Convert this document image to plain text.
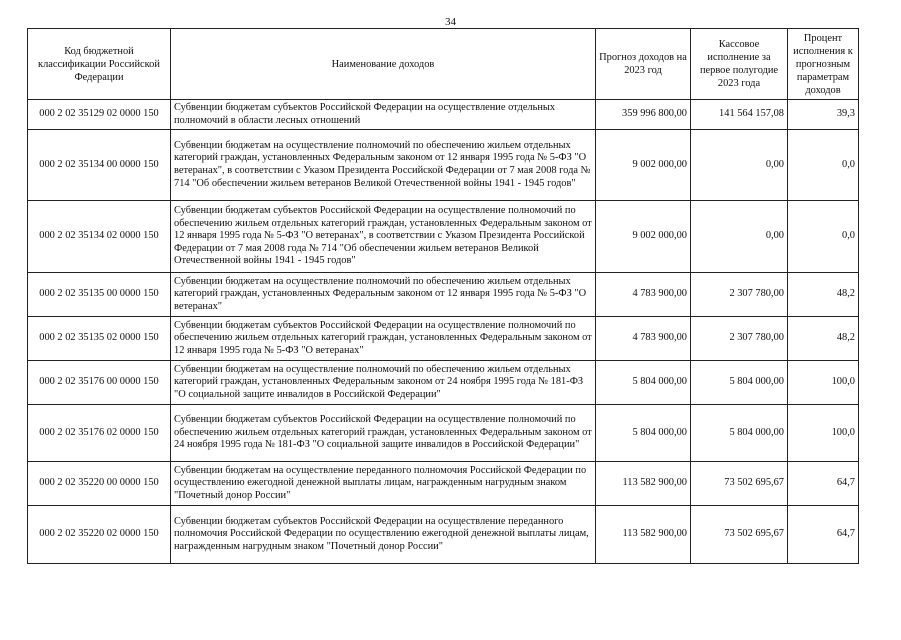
34
Код бюджетной классификации Российской Федерации	Наименование доходов	Прогноз доходов на 2023 год	Кассовое исполнение за первое полугодие 2023 года	Процент исполнения к прогнозным параметрам доходов
000 2 02 35129 02 0000 150	Субвенции бюджетам субъектов Российской Федерации на осуществление отдельных полномочий в области лесных отношений	359 996 800,00	141 564 157,08	39,3
000 2 02 35134 00 0000 150	Субвенции бюджетам на осуществление полномочий по обеспечению жильем отдельных категорий граждан, установленных Федеральным законом от 12 января 1995 года № 5-ФЗ "О ветеранах", в соответствии с Указом Президента Российской Федерации от 7 мая 2008 года № 714 "Об обеспечении жильем ветеранов Великой Отечественной войны 1941 - 1945 годов"	9 002 000,00	0,00	0,0
000 2 02 35134 02 0000 150	Субвенции бюджетам субъектов Российской Федерации на осуществление полномочий по обеспечению жильем отдельных категорий граждан, установленных Федеральным законом от 12 января 1995 года № 5-ФЗ "О ветеранах", в соответствии с Указом Президента Российской Федерации от 7 мая 2008 года № 714 "Об обеспечении жильем ветеранов Великой Отечественной войны 1941 - 1945 годов"	9 002 000,00	0,00	0,0
000 2 02 35135 00 0000 150	Субвенции бюджетам на осуществление полномочий по обеспечению жильем отдельных категорий граждан, установленных Федеральным законом от 12 января 1995 года № 5-ФЗ "О ветеранах"	4 783 900,00	2 307 780,00	48,2
000 2 02 35135 02 0000 150	Субвенции бюджетам субъектов Российской Федерации на осуществление полномочий по обеспечению жильем отдельных категорий граждан, установленных Федеральным законом от 12 января 1995 года № 5-ФЗ "О ветеранах"	4 783 900,00	2 307 780,00	48,2
000 2 02 35176 00 0000 150	Субвенции бюджетам на осуществление полномочий по обеспечению жильем отдельных категорий граждан, установленных Федеральным законом от 24 ноября 1995 года № 181-ФЗ "О социальной защите инвалидов в Российской Федерации"	5 804 000,00	5 804 000,00	100,0
000 2 02 35176 02 0000 150	Субвенции бюджетам субъектов Российской Федерации на осуществление полномочий по обеспечению жильем отдельных категорий граждан, установленных Федеральным законом от 24 ноября 1995 года № 181-ФЗ "О социальной защите инвалидов в Российской Федерации"	5 804 000,00	5 804 000,00	100,0
000 2 02 35220 00 0000 150	Субвенции бюджетам на осуществление переданного полномочия Российской Федерации по осуществлению ежегодной денежной выплаты лицам, награжденным нагрудным знаком "Почетный донор России"	113 582 900,00	73 502 695,67	64,7
000 2 02 35220 02 0000 150	Субвенции бюджетам субъектов Российской Федерации на осуществление переданного полномочия Российской Федерации по осуществлению ежегодной денежной выплаты лицам, награжденным нагрудным знаком "Почетный донор России"	113 582 900,00	73 502 695,67	64,7
